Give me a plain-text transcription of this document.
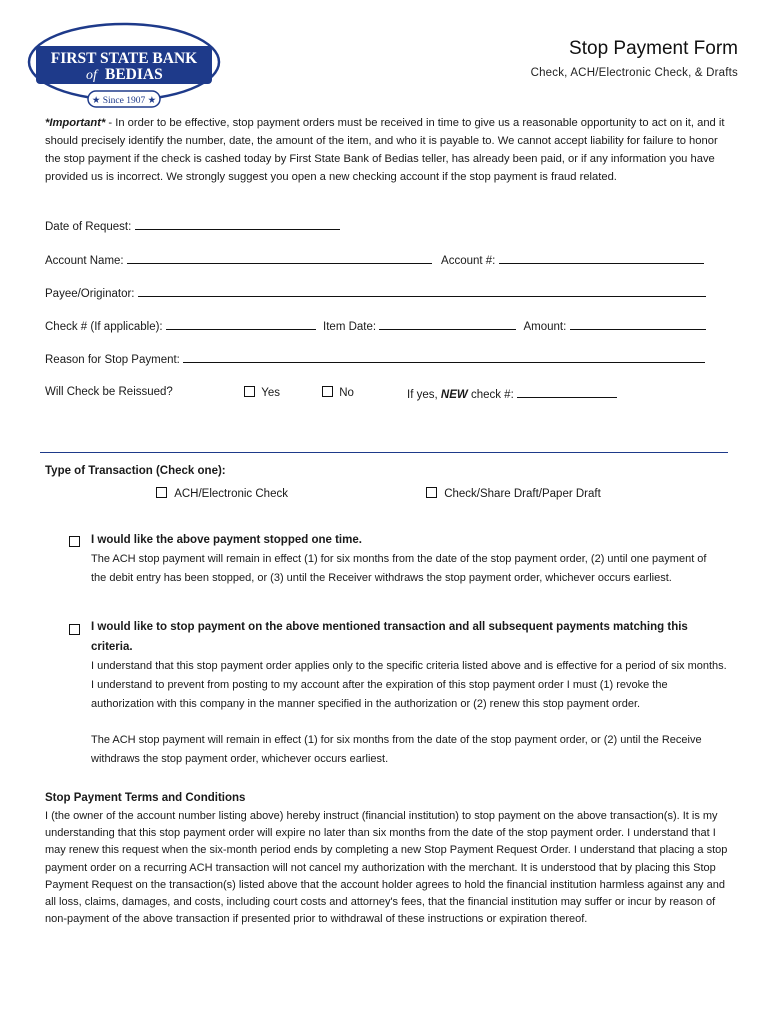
FIRST STATE BANK
of BEDIAS
★ Since 1907 ★
Stop Payment Form
Check, ACH/Electronic Check, & Drafts
*Important* - In order to be effective, stop payment orders must be received in time to give us a reasonable opportunity to act on it, and it should precisely identify the number, date, the amount of the item, and who it is payable to. We cannot accept liability for failure to honor the stop payment if the check is cashed today by First State Bank of Bedias teller, has already been paid, or if any information you have provided us is incorrect. We strongly suggest you open a new checking account if the stop payment is fraud related.
Date of Request:
Account Name:	Account #:
Payee/Originator:
Check # (If applicable):	Item Date:	Amount:
Reason for Stop Payment:
Will Check be Reissued?	Yes	No	If yes, NEW check #:
Type of Transaction (Check one):
ACH/Electronic Check	Check/Share Draft/Paper Draft
I would like the above payment stopped one time.
The ACH stop payment will remain in effect (1) for six months from the date of the stop payment order, (2) until one payment of the debit entry has been stopped, or (3) until the Receiver withdraws the stop payment order, whichever occurs earliest.
I would like to stop payment on the above mentioned transaction and all subsequent payments matching this
criteria.
I understand that this stop payment order applies only to the specific criteria listed above and is effective for a period of six months. I understand to prevent from posting to my account after the expiration of this stop payment order I must (1) revoke the authorization with this company in the manner specified in the authorization or (2) renew this stop payment order.
The ACH stop payment will remain in effect (1) for six months from the date of the stop payment order, or (2) until the Receive withdraws the stop payment order, whichever occurs earliest.
Stop Payment Terms and Conditions
I (the owner of the account number listing above) hereby instruct (financial institution) to stop payment on the above transaction(s). It is my understanding that this stop payment order will expire no later than six months from the date of the stop payment order. I understand that I may renew this request when the six-month period ends by completing a new Stop Payment Request Order. I understand that placing a stop payment order on a recurring ACH transaction will not cancel my authorization with the merchant. It is understood that by placing this Stop Payment Request on the transaction(s) listed above that the account holder agrees to hold the financial institution harmless against any and all loss, claims, damages, and costs, including court costs and attorney's fees, that the financial institution may suffer or incur by reason of non-payment of the above transaction if presented prior to withdrawal of these instructions or expiration thereof.
